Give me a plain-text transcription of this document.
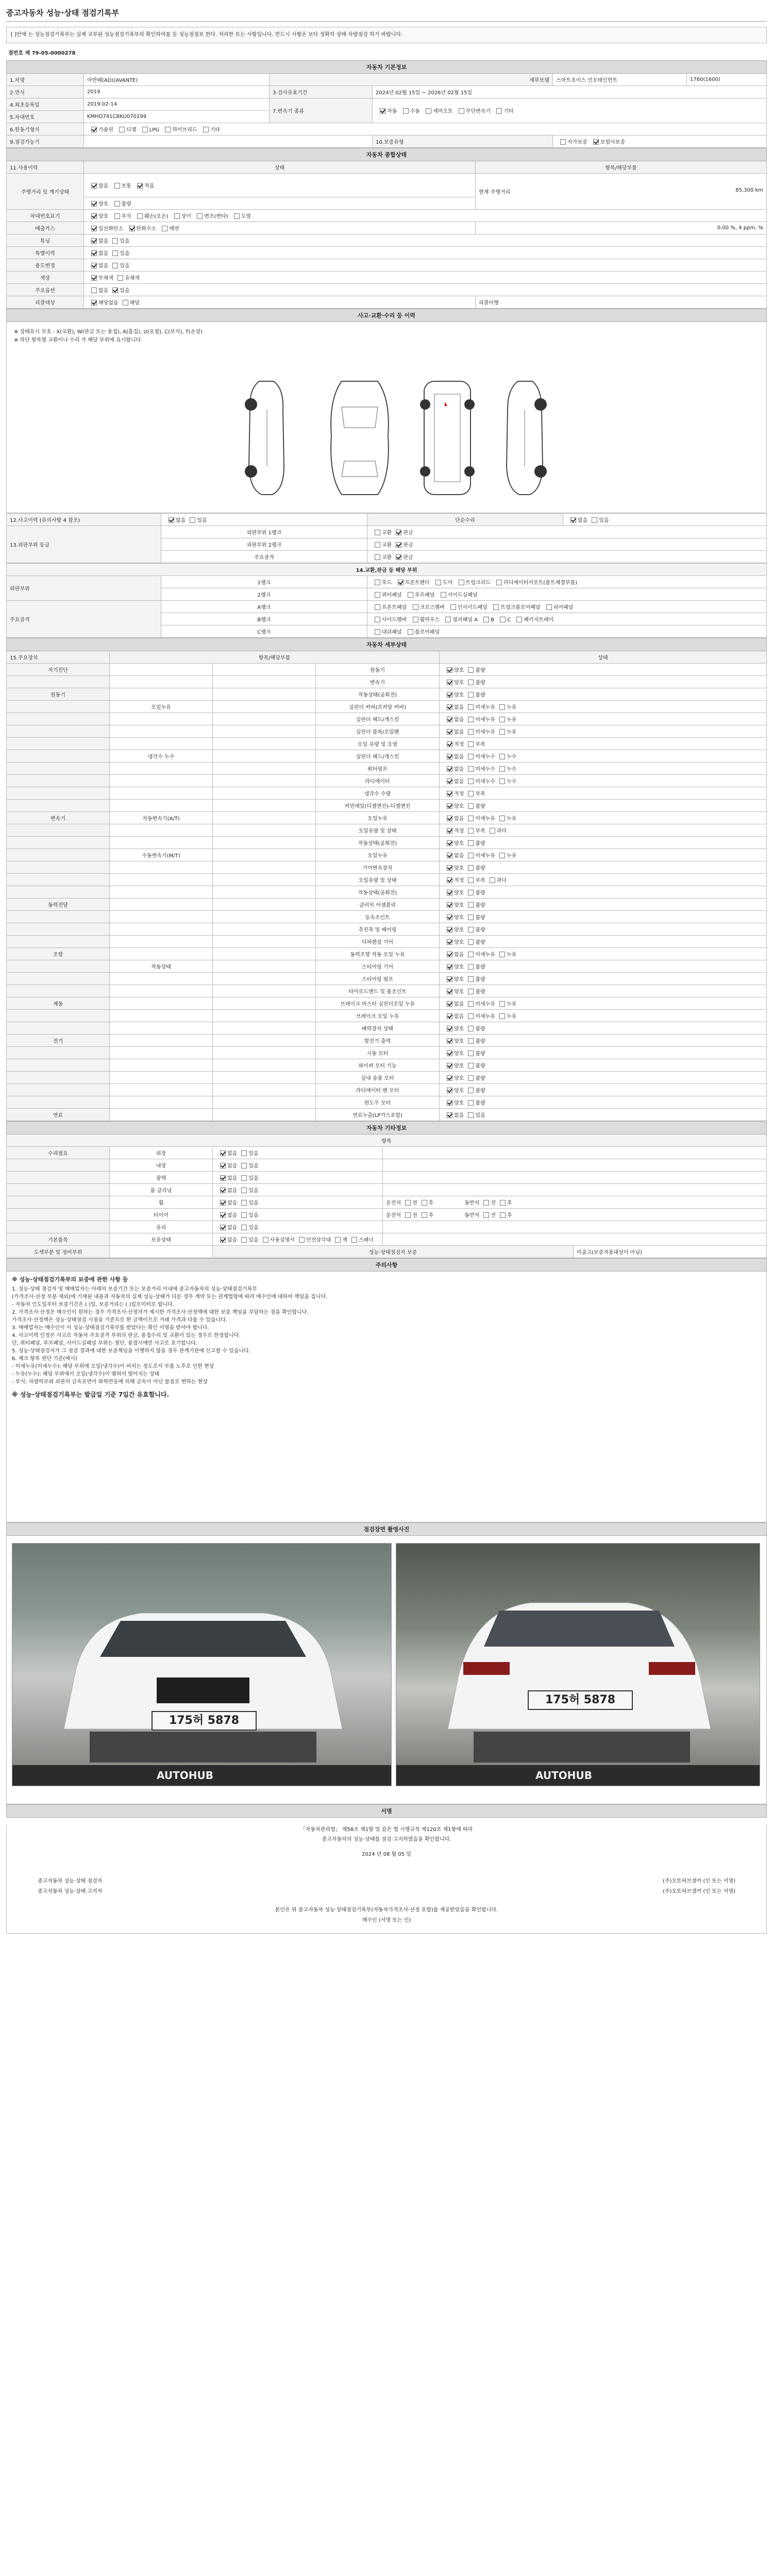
중고자동차 성능·상태 점검기록부
[ ]안에 는 성능점검기록부는 실제 교부된 성능점검기록부의 확인하여를 둔 성능점점보 한다. 처리한 또는 사항입니다. 반드시 사항은 보다 정확히 상태 차량점검 하기 바랍니다.
점번호 제 79-05-0000278
자동차 기본정보					
1.차명	아반떼(AD)(AVANTE)	세부모델		스마트초이스 인포테인먼트	1760(1600)
2.연식	2019	3.검사유효기간	2024년 02월 15일 ~ 2026년 02월 15일		
4.최초등록일	2019-02-14	7.변속기 종류	자동 수동 세미오토 무단변속기 기타		
5.차대번호	KMHD741CBKU070199				
6.원동기형식	가솔린 디젤 LPG 하이브리드 기타				
9.점검가능기			10.보증유형	자가보증 보험사보증	
자동차 종합상태		
11.사용이력	상태	항목/해당부품
주행거리 및 계기상태	많음 보통 적음	현재 주행거리 85,300 km

	양호 불량	
차대번호표기	양호 부식 훼손(오손) 상이 변조(변타) 도말	
배출가스	일산화탄소 탄화수소 매연	0.00 %, 4 ppm, %
튜닝	없음 있음	
특별이력	없음 있음	
용도변경	없음 있음	
색상	무채색 유채색	
주요옵션	없음 있음	
리콜대상	해당없음 해당	리콜이행
사고·교환·수리 등 이력
※ 상태표시 부호 : X(교환), W(판금 또는 용접), A(흠집), U(요철), C(부식), T(손상)
※ 하단 항목별 교환이나 수리 가 해당 부위에 표시합니다.
12.사고이력 (유의사항 4 참조)	없음 있음	단순수리	없음 있음
13.외판부위 등급	외판부위 1랭크	교환 판금	
	외판부위 2랭크	교환 판금	
	주요골격	교환 판금	
14.교환,판금 등 해당 부위		
외판부위	1랭크	후드 프론트펜더 도어 트렁크리드 라디에이터서포트(볼트체결부품)
	2랭크	쿼터패널 루프패널 사이드실패널
주요골격	A랭크	프론트패널 크로스멤버 인사이드패널 트렁크플로어패널 리어패널
	B랭크	사이드멤버 휠하우스 필러패널 A B C 패키지트레이
	C랭크	대쉬패널 플로어패널
자동차 세부상태				
15.주요장치	항목/해당부품			상태
자기진단			원동기	양호 불량
			변속기	양호 불량
원동기			작동상태(공회전)	양호 불량
	오일누유		실린더 커버(로커암 커버)	없음 미세누유 누유
			실린더 헤드/개스킷	없음 미세누유 누유
			실린더 블록/오일팬	없음 미세누유 누유
			오일 유량 및 오염	적정 부족
	냉각수 누수		실린더 헤드/개스킷	없음 미세누수 누수
			워터펌프	없음 미세누수 누수
			라디에이터	없음 미세누수 누수
			냉각수 수량	적정 부족
			커먼레일(디젤엔진)-디젤엔진	양호 불량
변속기	자동변속기(A/T)		오일누유	없음 미세누유 누유
			오일유량 및 상태	적정 부족 과다
			작동상태(공회전)	양호 불량
	수동변속기(M/T)		오일누유	없음 미세누유 누유
			기어변속장치	양호 불량
			오일유량 및 상태	적정 부족 과다
			작동상태(공회전)	양호 불량
동력전달			클러치 어셈블리	양호 불량
			등속조인트	양호 불량
			추진축 및 베어링	양호 불량
			디퍼렌셜 기어	양호 불량
조향			동력조향 작동 오일 누유	없음 미세누유 누유
	작동상태		스티어링 기어	양호 불량
			스티어링 펌프	양호 불량
			타이로드엔드 및 볼조인트	양호 불량
제동			브레이크 마스터 실린더오일 누유	없음 미세누유 누유
			브레이크 오일 누유	없음 미세누유 누유
			배력장치 상태	양호 불량
전기			발전기 출력	양호 불량
			시동 모터	양호 불량
			와이퍼 모터 기능	양호 불량
			실내 송풍 모터	양호 불량
			라디에이터 팬 모터	양호 불량
			윈도우 모터	양호 불량
연료			연료누출(LP가스포함)	없음 있음
자동차 기타정보				
항목				
수리필요	외장	없음 있음		
	내장	없음 있음		
	광택	없음 있음		
	룸 클리닝	없음 있음		
	휠	없음 있음	운전석 전 후 동반석 전 후	
	타이어	없음 있음	운전석 전 후 동반석 전 후	
	유리	없음 있음		
기본품목	보유상태	없음 있음 사용설명서 안전삼각대 잭 스패너		
도색부분 및 정비부위		성능·상태점검자 보증		미출고(보증적용대상이 아님)
주의사항
※ 성능·상태점검기록부의 보증에 관한 사항 등
1. 성능·상태 점검자 및 매매업자는 아래의 보증기간 또는 보증거리 이내에 중고자동차의 성능·상태점검기록부
(가격조사·산정 부분 제외)에 기재된 내용과 자동차의 실제 성능·상태가 다른 경우 계약 또는 관계법령에 따라 매수인에 대하여 책임을 집니다.
- 자동차 인도일부터 보증기간은 ( )일, 보증거리는 ( )킬로미터로 합니다.
2. 가격조사·산정은 매수인이 원하는 경우 가격조사·산정자가 제시한 가격조사·산정액에 대한 보증 책임을 부담하는 점을 확인합니다.
가격조사·산정액은 성능·상태점검 시점을 기준으로 한 금액이므로 거래 가격과 다를 수 있습니다.
3. 매매업자는 매수인이 이 성능·상태점검기록부를 받았다는 확인 서명을 받아야 합니다.
4. 사고이력 인정은 사고로 자동차 주요골격 부위의 판금, 용접수리 및 교환이 있는 경우로 한정합니다.
단, 쿼터패널, 루프패널, 사이드실패널 부위는 절단, 용접시에만 사고로 표기합니다.
5. 성능·상태점검자가 그 점검 결과에 대한 보증책임을 이행하지 않을 경우 관계기관에 신고할 수 있습니다.
6. 체크 항목 판단 기준(예시)
- 미세누유(미세누수): 해당 부위에 오일(냉각수)이 비치는 정도로서 부품 노후로 인한 현상
- 누유(누수): 해당 부위에서 오일(냉각수)이 맺혀서 떨어지는 상태
- 부식: 차량하부와 외판의 금속표면이 화학반응에 의해 금속이 아닌 물질로 변하는 현상
※ 성능·상태점검기록부는 발급일 기준 7일간 유효합니다.
점검장면 촬영사진
175허 5878
AUTOHUB
175허 5878
AUTOHUB
서명
「자동차관리법」 제58조 제1항 및 같은 법 시행규칙 제120조 제1항에 따라
중고자동차의 성능·상태를 점검·고지하였음을 확인합니다.
2024 년 08 월 05 일
중고자동차 성능·상태 점검자	(주)오토허브셀카 (인 또는 서명)
중고자동차 성능·상태 고지자	(주)오토허브셀카 (인 또는 서명)
본인은 위 중고자동차 성능·상태점검기록부(자동차가격조사·산정 포함)를 제공받았음을 확인합니다.
매수인 (서명 또는 인)
